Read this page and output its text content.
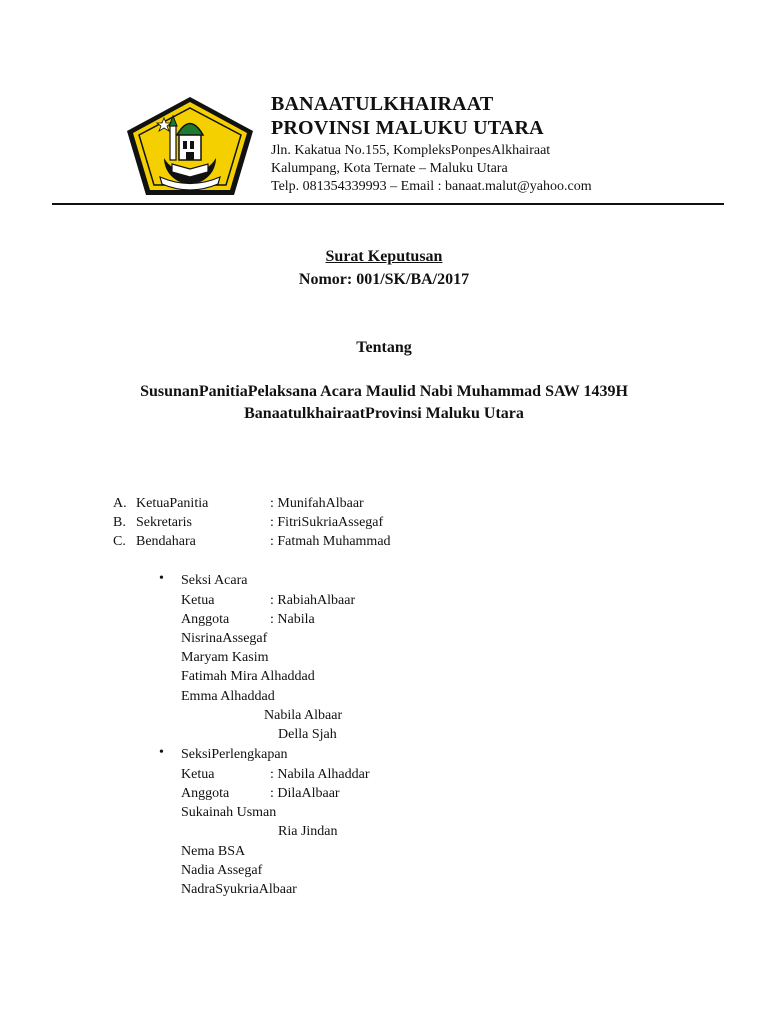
BANAATULKHAIRAAT
PROVINSI MALUKU UTARA
Jln. Kakatua No.155, KompleksPonpesAlkhairaat
Kalumpang, Kota Ternate – Maluku Utara
Telp. 081354339993 – Email : banaat.malut@yahoo.com
Surat Keputusan
Nomor: 001/SK/BA/2017
Tentang
SusunanPanitiaPelaksana Acara Maulid Nabi Muhammad SAW 1439H
BanaatulkhairaatProvinsi Maluku Utara
A. KetuaPanitia	: MunifahAlbaar
B. Sekretaris	: FitriSukriaAssegaf
C. Bendahara	: Fatmah Muhammad
• Seksi Acara
Ketua	: RabiahAlbaar
Anggota	: Nabila
NisrinaAssegaf
Maryam Kasim
Fatimah Mira Alhaddad
Emma Alhaddad
Nabila Albaar
Della Sjah
• SeksiPerlengkapan
Ketua	: Nabila Alhaddar
Anggota	: DilaAlbaar
Sukainah Usman
Ria Jindan
Nema BSA
Nadia Assegaf
NadraSyukriaAlbaar
